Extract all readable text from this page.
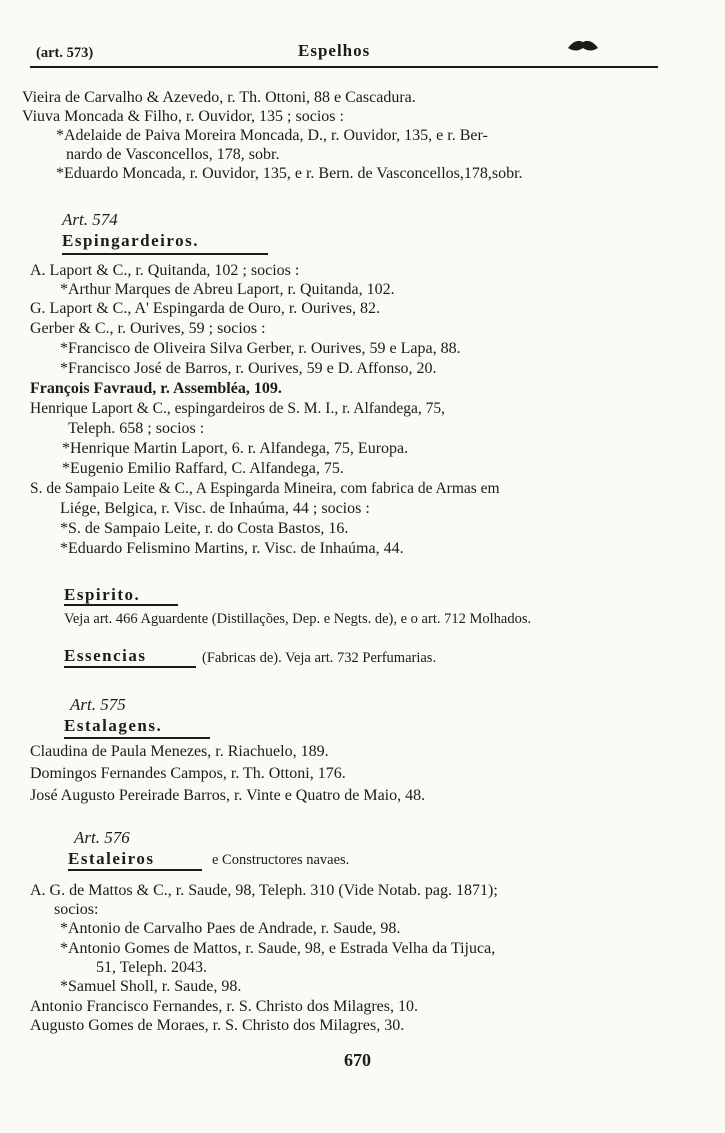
(art. 573)	Espelhos
Vieira de Carvalho & Azevedo, r. Th. Ottoni, 88 e Cascadura.
Viuva Moncada & Filho, r. Ouvidor, 135 ; socios :
*Adelaide de Paiva Moreira Moncada, D., r. Ouvidor, 135, e r. Ber-
nardo de Vasconcellos, 178, sobr.
*Eduardo Moncada, r. Ouvidor, 135, e r. Bern. de Vasconcellos,178,sobr.
Art. 574
Espingardeiros.
A. Laport & C., r. Quitanda, 102 ; socios :
*Arthur Marques de Abreu Laport, r. Quitanda, 102.
G. Laport & C., A' Espingarda de Ouro, r. Ourives, 82.
Gerber & C., r. Ourives, 59 ; socios :
*Francisco de Oliveira Silva Gerber, r. Ourives, 59 e Lapa, 88.
*Francisco José de Barros, r. Ourives, 59 e D. Affonso, 20.
François Favraud, r. Assembléa, 109.
Henrique Laport & C., espingardeiros de S. M. I., r. Alfandega, 75,
Teleph. 658 ; socios :
*Henrique Martin Laport, 6. r. Alfandega, 75, Europa.
*Eugenio Emilio Raffard, C. Alfandega, 75.
S. de Sampaio Leite & C., A Espingarda Mineira, com fabrica de Armas em
Liége, Belgica, r. Visc. de Inhaúma, 44 ; socios :
*S. de Sampaio Leite, r. do Costa Bastos, 16.
*Eduardo Felismino Martins, r. Visc. de Inhaúma, 44.
Espirito.
Veja art. 466 Aguardente (Distillações, Dep. e Negts. de), e o art. 712 Molhados.
Essencias	(Fabricas de). Veja art. 732 Perfumarias.
Art. 575
Estalagens.
Claudina de Paula Menezes, r. Riachuelo, 189.
Domingos Fernandes Campos, r. Th. Ottoni, 176.
José Augusto Pereirade Barros, r. Vinte e Quatro de Maio, 48.
Art. 576
Estaleiros	e Constructores navaes.
A. G. de Mattos & C., r. Saude, 98, Teleph. 310 (Vide Notab. pag. 1871);
socios:
*Antonio de Carvalho Paes de Andrade, r. Saude, 98.
*Antonio Gomes de Mattos, r. Saude, 98, e Estrada Velha da Tijuca,
51, Teleph. 2043.
*Samuel Sholl, r. Saude, 98.
Antonio Francisco Fernandes, r. S. Christo dos Milagres, 10.
Augusto Gomes de Moraes, r. S. Christo dos Milagres, 30.
670
